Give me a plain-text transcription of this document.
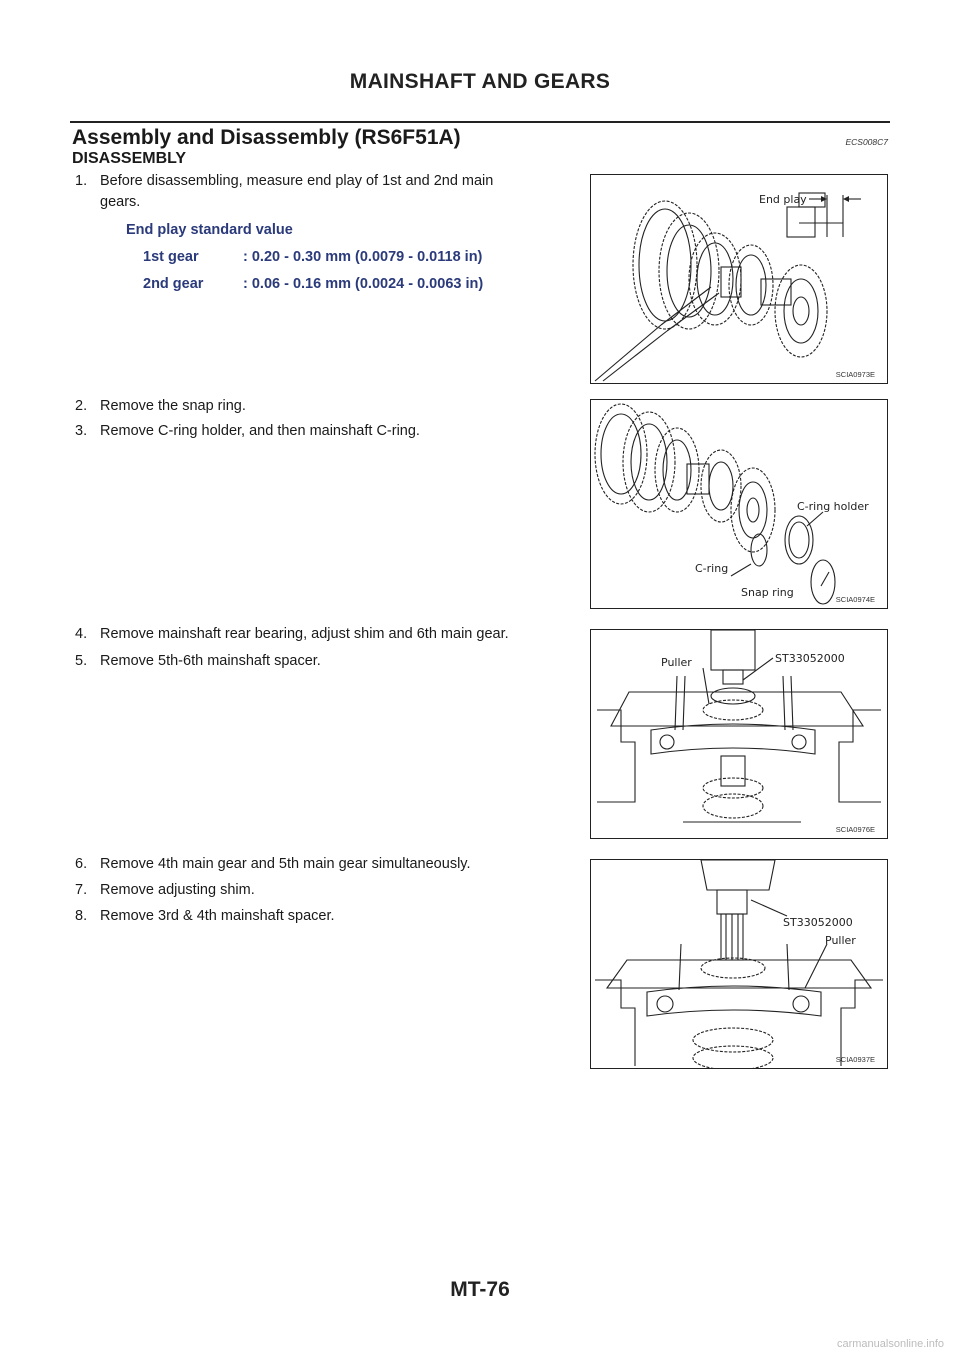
MAINSHAFT AND GEARS
Assembly and Disassembly (RS6F51A)	ECS008C7
DISASSEMBLY
1. Before disassembling, measure end play of 1st and 2nd main
gears.
End play standard value
1st gear	: 0.20 - 0.30 mm (0.0079 - 0.0118 in)
2nd gear	: 0.06 - 0.16 mm (0.0024 - 0.0063 in)
2. Remove the snap ring.
3. Remove C-ring holder, and then mainshaft C-ring.
4. Remove mainshaft rear bearing, adjust shim and 6th main gear.
5. Remove 5th-6th mainshaft spacer.
6. Remove 4th main gear and 5th main gear simultaneously.
7. Remove adjusting shim.
8. Remove 3rd & 4th mainshaft spacer.
End play
SCIA0973E
C-ring holder
C-ring
Snap ring
SCIA0974E
Puller	ST33052000
SCIA0976E
ST33052000
Puller
SCIA0937E
MT-76
carmanualsonline.info
